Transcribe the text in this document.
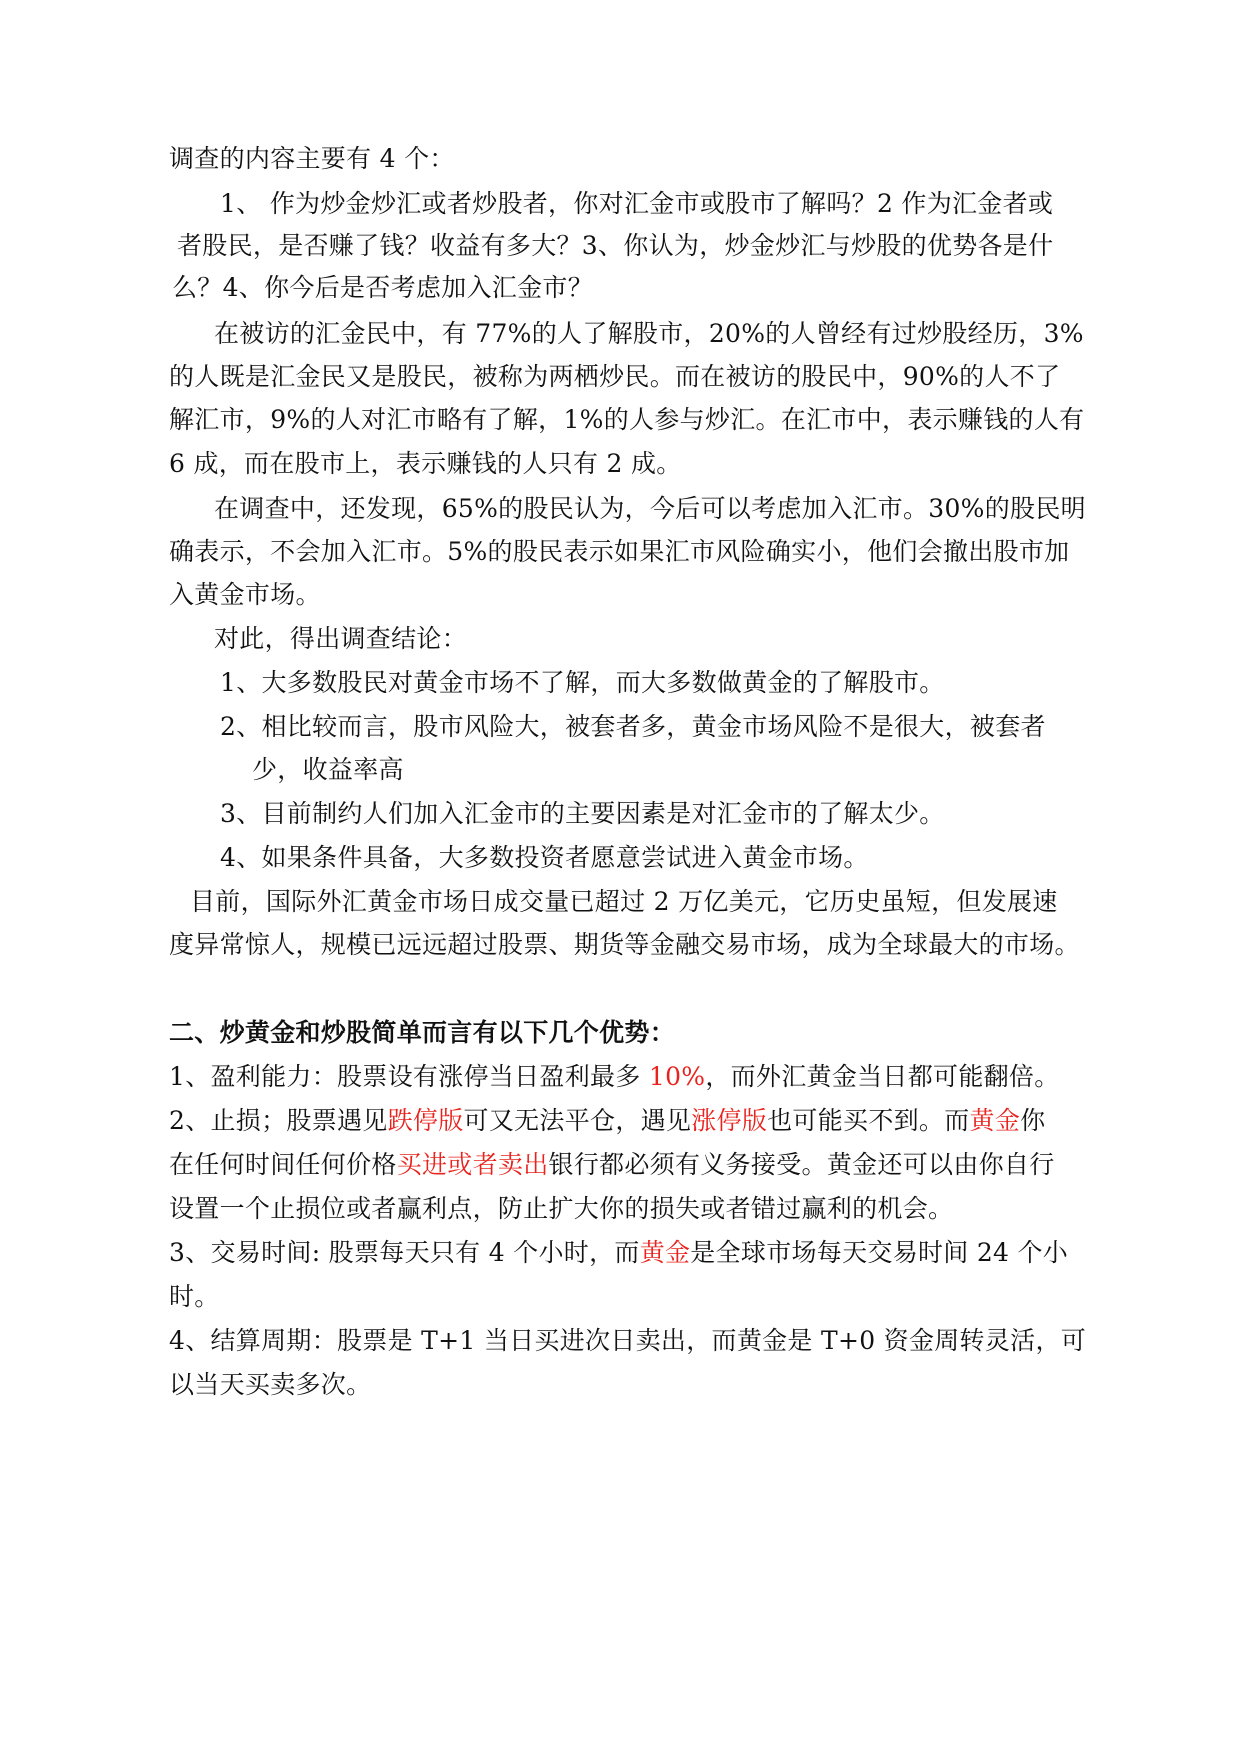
调查的内容主要有 4 个：
1、 作为炒金炒汇或者炒股者，你对汇金市或股市了解吗？2 作为汇金者或
者股民，是否赚了钱？收益有多大？3、你认为，炒金炒汇与炒股的优势各是什
么？4、你今后是否考虑加入汇金市？
在被访的汇金民中，有 77%的人了解股市，20%的人曾经有过炒股经历，3%
的人既是汇金民又是股民，被称为两栖炒民。而在被访的股民中，90%的人不了
解汇市，9%的人对汇市略有了解，1%的人参与炒汇。在汇市中，表示赚钱的人有
6 成，而在股市上，表示赚钱的人只有 2 成。
在调查中，还发现，65%的股民认为，今后可以考虑加入汇市。30%的股民明
确表示，不会加入汇市。5%的股民表示如果汇市风险确实小，他们会撤出股市加
入黄金市场。
对此，得出调查结论：
1、大多数股民对黄金市场不了解，而大多数做黄金的了解股市。
2、相比较而言，股市风险大，被套者多，黄金市场风险不是很大，被套者
少，收益率高
3、目前制约人们加入汇金市的主要因素是对汇金市的了解太少。
4、如果条件具备，大多数投资者愿意尝试进入黄金市场。
目前，国际外汇黄金市场日成交量已超过 2 万亿美元，它历史虽短，但发展速
度异常惊人，规模已远远超过股票、期货等金融交易市场，成为全球最大的市场。
二、炒黄金和炒股简单而言有以下几个优势：
1、盈利能力：股票设有涨停当日盈利最多 10%，而外汇黄金当日都可能翻倍。
2、止损；股票遇见跌停版可又无法平仓，遇见涨停版也可能买不到。而黄金你
在任何时间任何价格买进或者卖出银行都必须有义务接受。黄金还可以由你自行
设置一个止损位或者赢利点，防止扩大你的损失或者错过赢利的机会。
3、交易时间: 股票每天只有 4 个小时，而黄金是全球市场每天交易时间 24 个小
时。
4、结算周期：股票是 T+1 当日买进次日卖出，而黄金是 T+0 资金周转灵活，可
以当天买卖多次。
